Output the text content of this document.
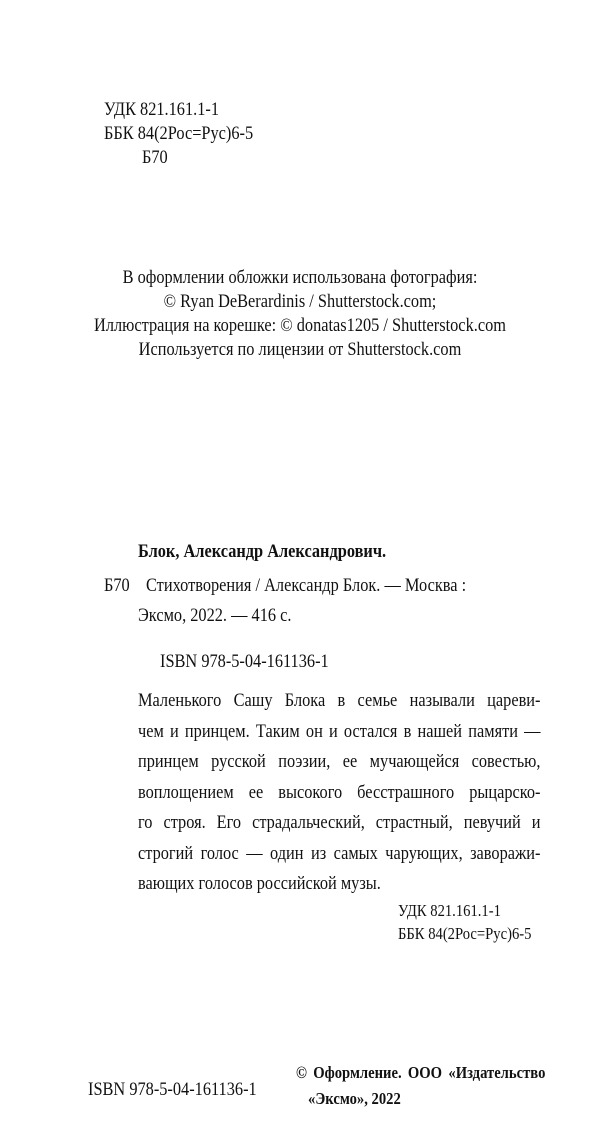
УДК 821.161.1-1
ББК 84(2Рос=Рус)6-5
Б70
В оформлении обложки использована фотография:
© Ryan DeBerardinis / Shutterstock.com;
Иллюстрация на корешке: © donatas1205 / Shutterstock.com
Используется по лицензии от Shutterstock.com
Блок, Александр Александрович.
Б70 Стихотворения / Александр Блок. — Москва :
Эксмо, 2022. — 416 с.
ISBN 978-5-04-161136-1
Маленького Сашу Блока в семье называли цареви-
чем и принцем. Таким он и остался в нашей памяти —
принцем русской поэзии, ее мучающейся совестью,
воплощением ее высокого бесстрашного рыцарско-
го строя. Его страдальческий, страстный, певучий и
строгий голос — один из самых чарующих, заворажи-
вающих голосов российской музы.
УДК 821.161.1-1
ББК 84(2Рос=Рус)6-5
ISBN 978-5-04-161136-1
© Оформление. ООО «Издательство
«Эксмо», 2022
